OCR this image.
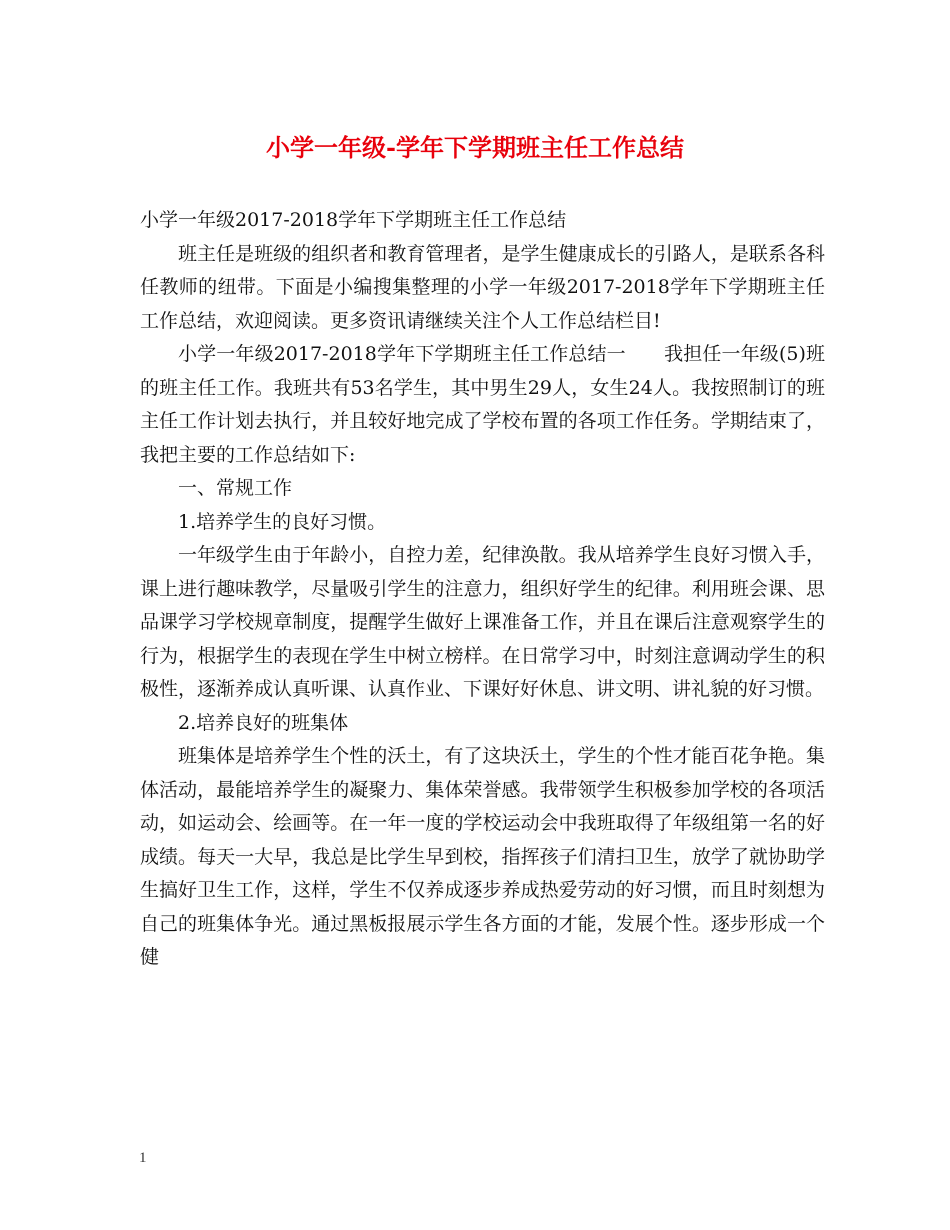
小学一年级-学年下学期班主任工作总结

小学一年级2017-2018学年下学期班主任工作总结

班主任是班级的组织者和教育管理者，是学生健康成长的引路人，是联系各科任教师的纽带。下面是小编搜集整理的小学一年级2017-2018学年下学期班主任工作总结，欢迎阅读。更多资讯请继续关注个人工作总结栏目!

小学一年级2017-2018学年下学期班主任工作总结一　　我担任一年级(5)班的班主任工作。我班共有53名学生，其中男生29人，女生24人。我按照制订的班主任工作计划去执行，并且较好地完成了学校布置的各项工作任务。学期结束了，我把主要的工作总结如下:

一、常规工作

1.培养学生的良好习惯。

一年级学生由于年龄小，自控力差，纪律涣散。我从培养学生良好习惯入手，课上进行趣味教学，尽量吸引学生的注意力，组织好学生的纪律。利用班会课、思品课学习学校规章制度，提醒学生做好上课准备工作，并且在课后注意观察学生的行为，根据学生的表现在学生中树立榜样。在日常学习中，时刻注意调动学生的积极性，逐渐养成认真听课、认真作业、下课好好休息、讲文明、讲礼貌的好习惯。

2.培养良好的班集体

班集体是培养学生个性的沃土，有了这块沃土，学生的个性才能百花争艳。集体活动，最能培养学生的凝聚力、集体荣誉感。我带领学生积极参加学校的各项活动，如运动会、绘画等。在一年一度的学校运动会中我班取得了年级组第一名的好成绩。每天一大早，我总是比学生早到校，指挥孩子们清扫卫生，放学了就协助学生搞好卫生工作，这样，学生不仅养成逐步养成热爱劳动的好习惯，而且时刻想为自己的班集体争光。通过黑板报展示学生各方面的才能，发展个性。逐步形成一个健

1
